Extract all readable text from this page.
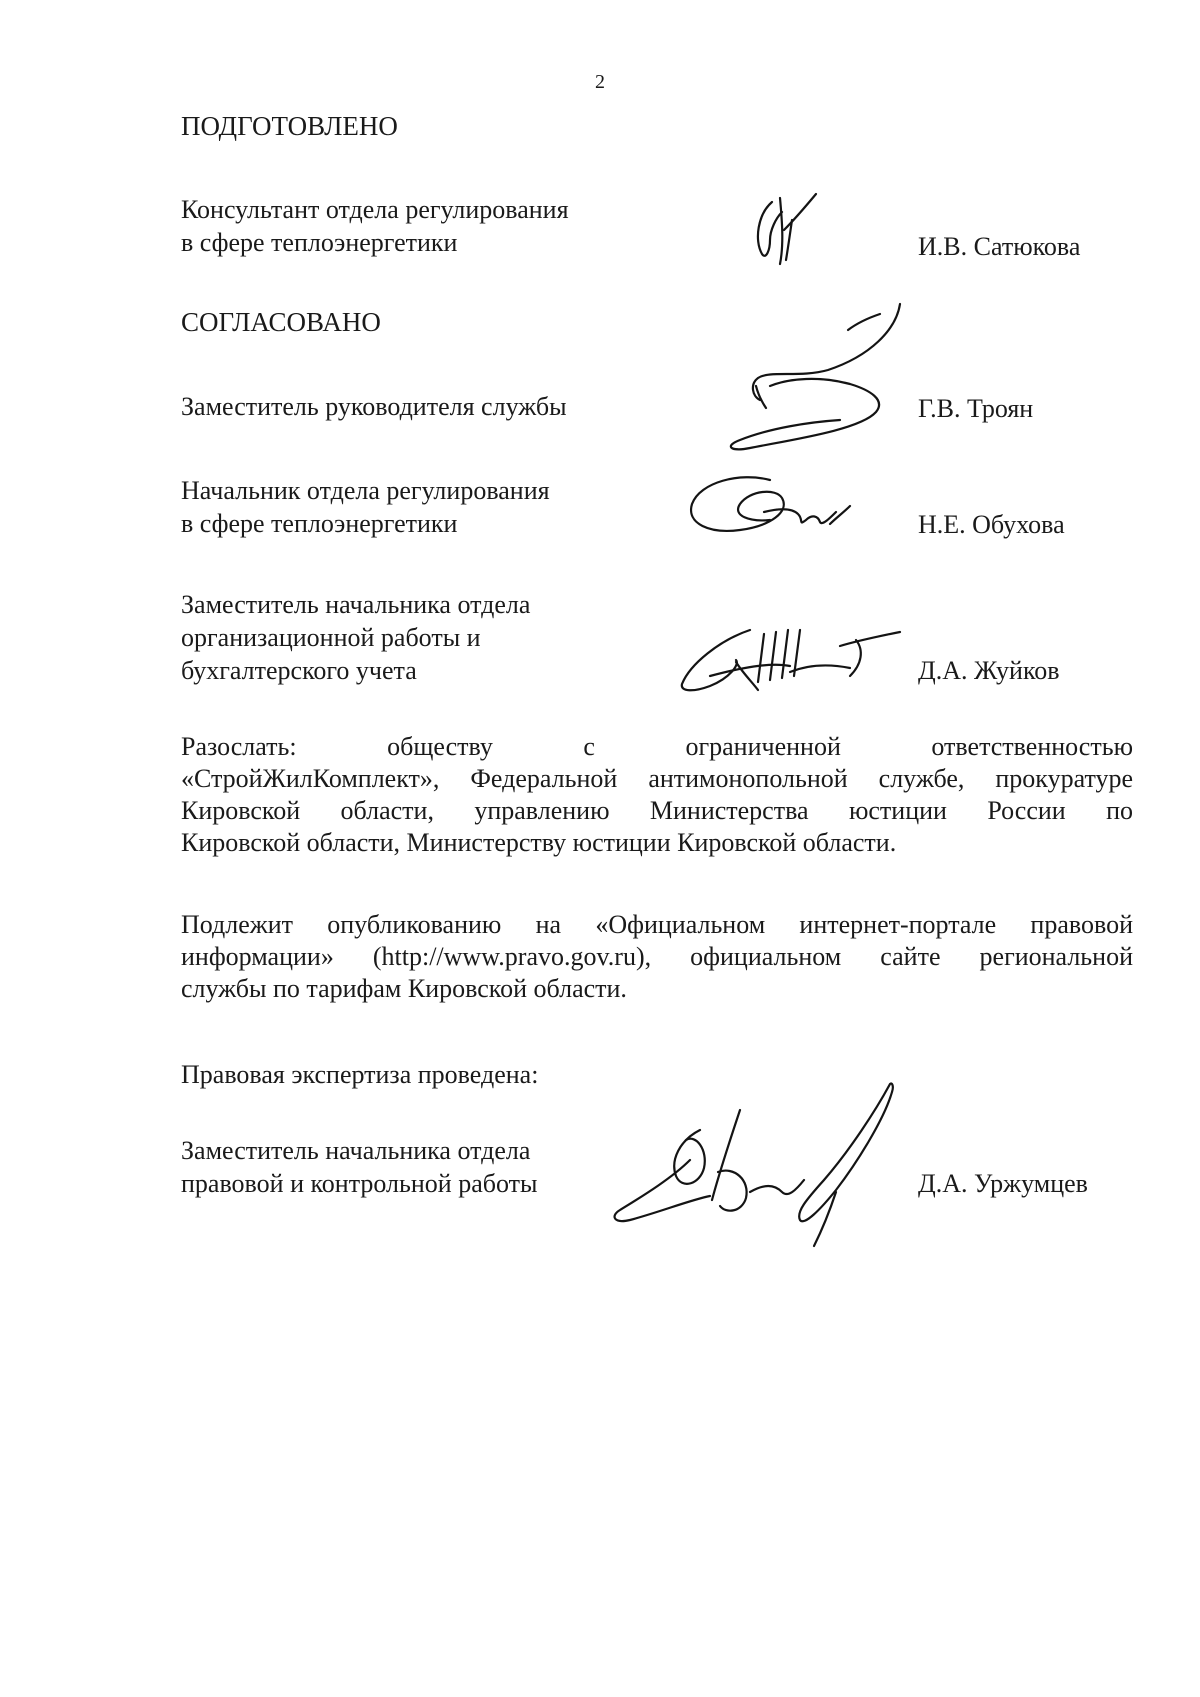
2
ПОДГОТОВЛЕНО
Консультант отдела регулирования
в сфере теплоэнергетики	И.В. Сатюкова
СОГЛАСОВАНО
Заместитель руководителя службы	Г.В. Троян
Начальник отдела регулирования
в сфере теплоэнергетики	Н.Е. Обухова
Заместитель начальника отдела
организационной работы и
бухгалтерского учета	Д.А. Жуйков
Разослать: обществу с ограниченной ответственностью
«СтройЖилКомплект», Федеральной антимонопольной службе, прокуратуре
Кировской области, управлению Министерства юстиции России по
Кировской области, Министерству юстиции Кировской области.
Подлежит опубликованию на «Официальном интернет-портале правовой
информации» (http://www.pravo.gov.ru), официальном сайте региональной
службы по тарифам Кировской области.
Правовая экспертиза проведена:
Заместитель начальника отдела
правовой и контрольной работы	Д.А. Уржумцев
